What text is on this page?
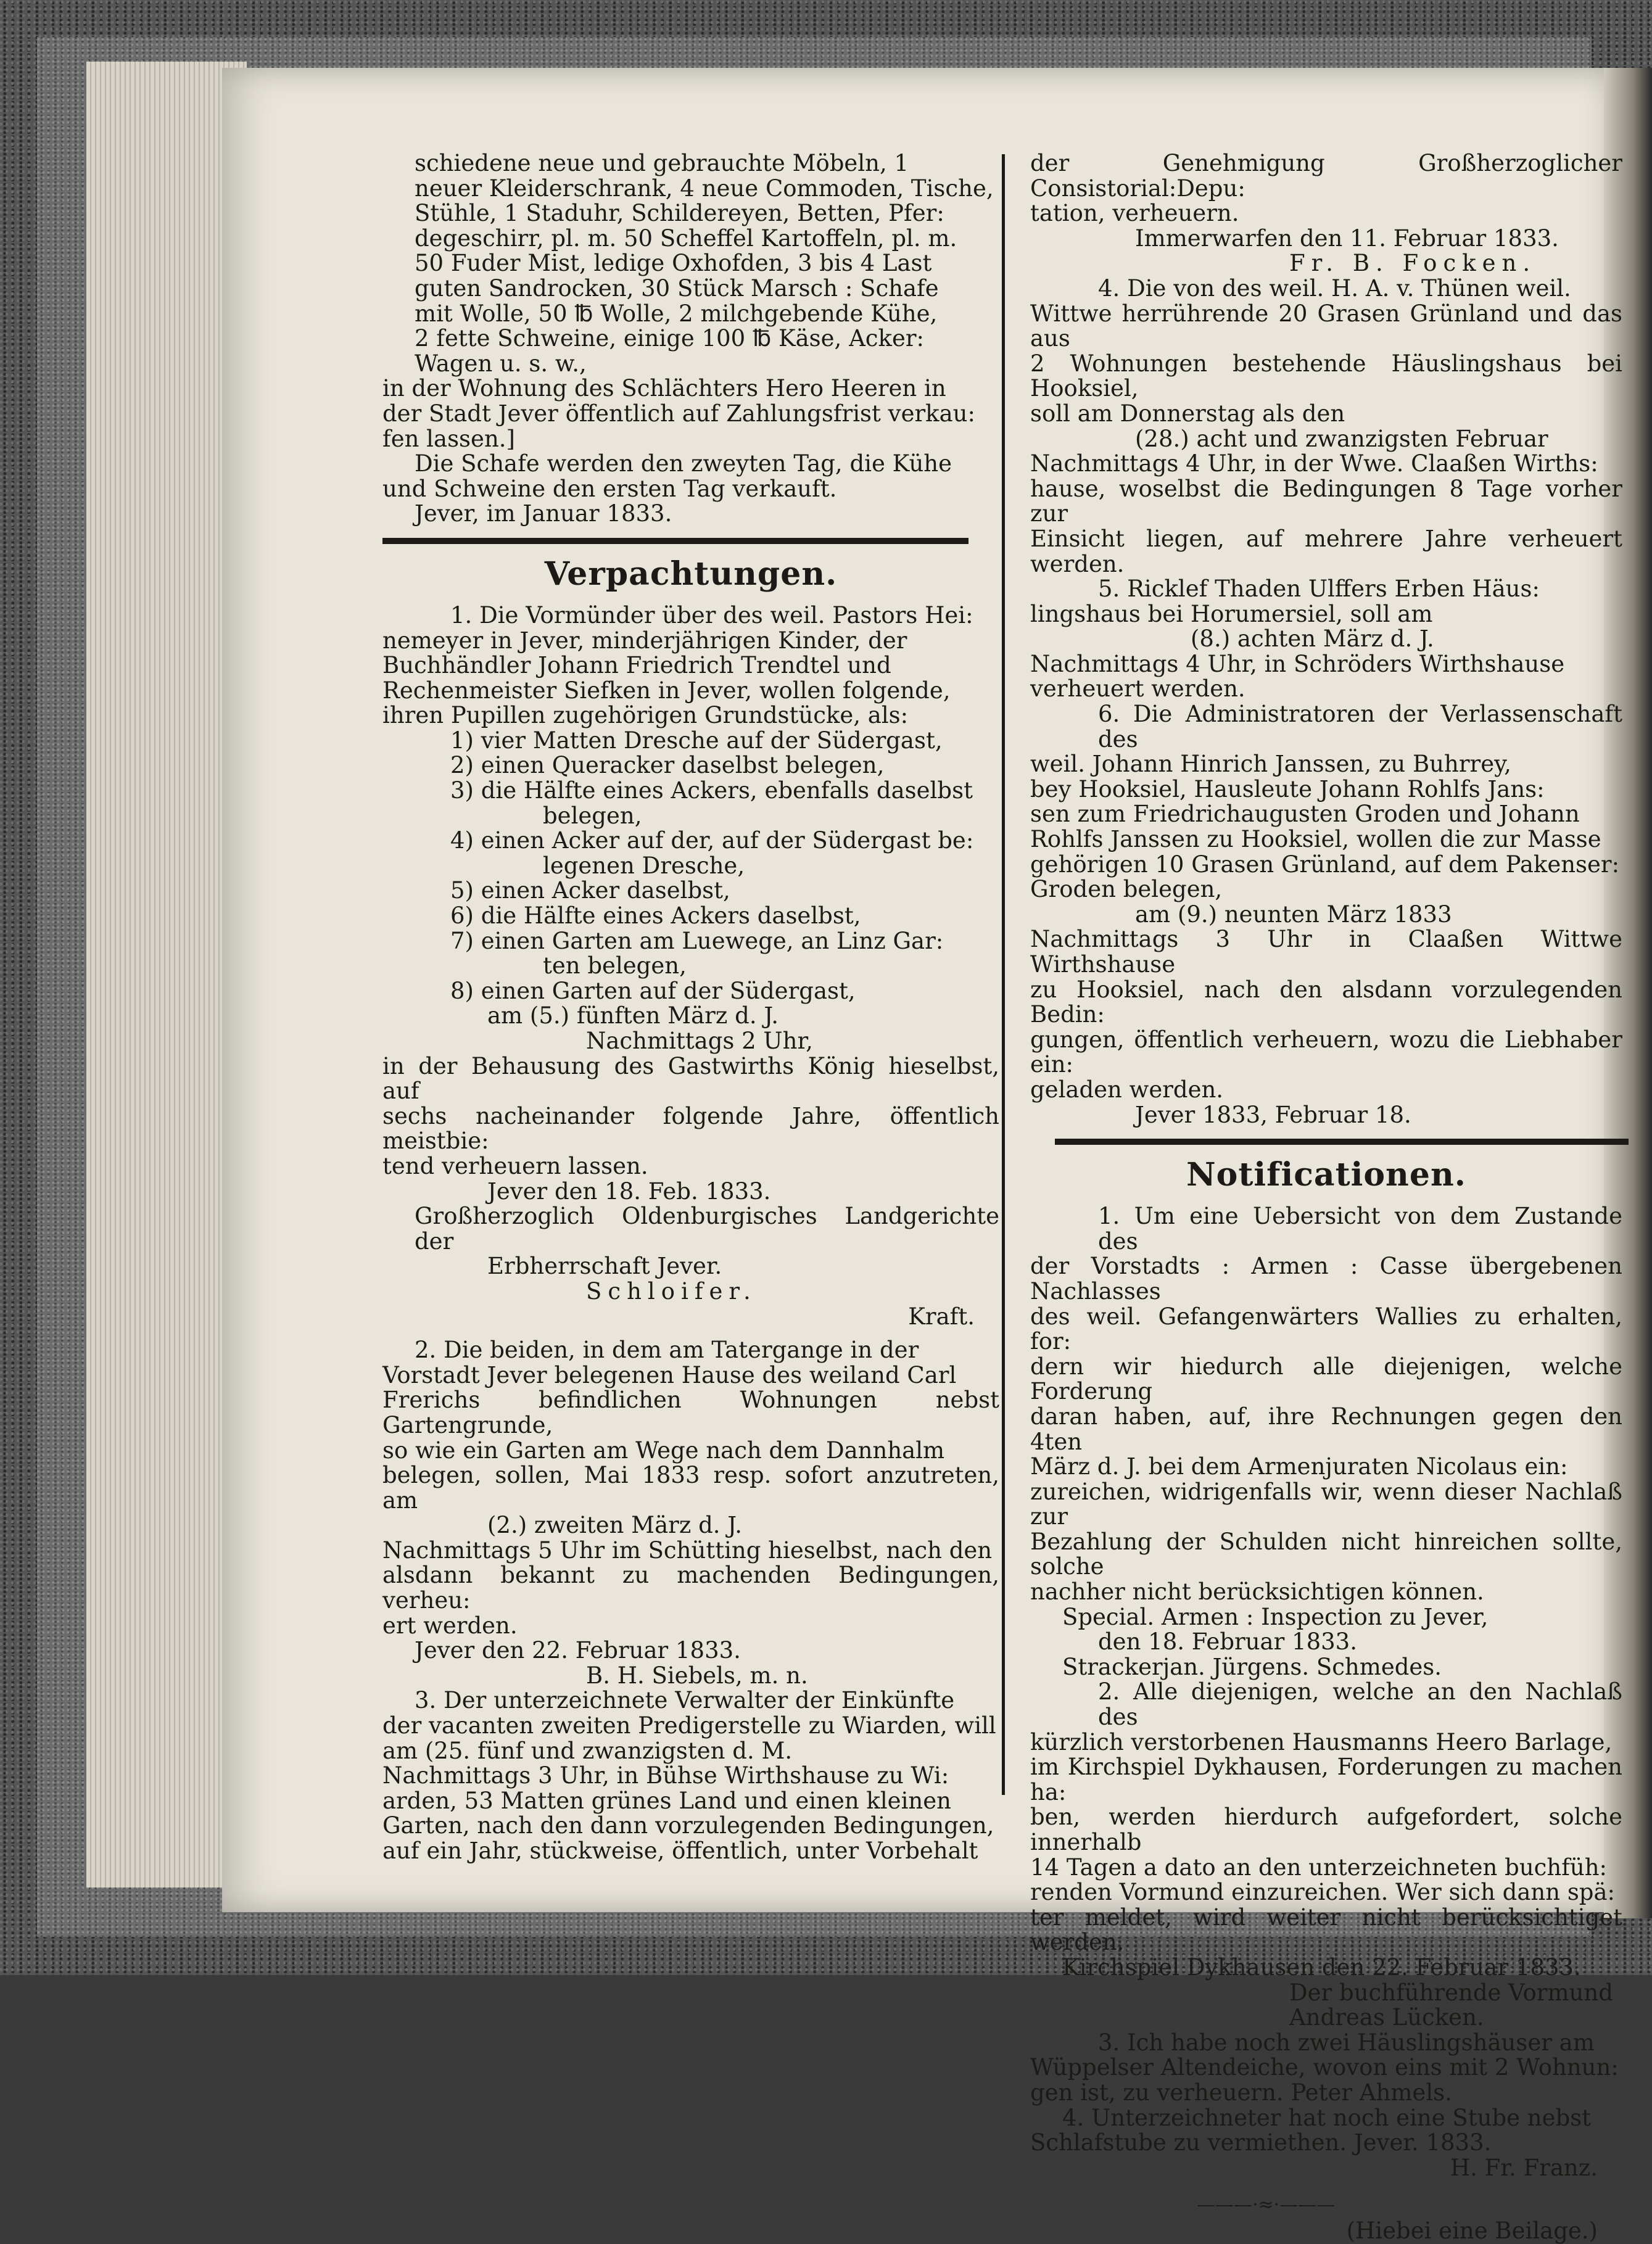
schiedene neue und gebrauchte Möbeln, 1

neuer Kleiderschrank, 4 neue Commoden, Tische,

Stühle, 1 Staduhr, Schildereyen, Betten, Pfer:

degeschirr, pl. m. 50 Scheffel Kartoffeln, pl. m.

50 Fuder Mist, ledige Oxhofden, 3 bis 4 Last

guten Sandrocken, 30 Stück Marsch : Schafe

mit Wolle, 50 ℔ Wolle, 2 milchgebende Kühe,

2 fette Schweine, einige 100 ℔ Käse, Acker:

Wagen u. s. w.,

in der Wohnung des Schlächters Hero Heeren in

der Stadt Jever öffentlich auf Zahlungsfrist verkau:

fen lassen.]

Die Schafe werden den zweyten Tag, die Kühe

und Schweine den ersten Tag verkauft.

Jever, im Januar 1833.

Verpachtungen.

1. Die Vormünder über des weil. Pastors Hei:

nemeyer in Jever, minderjährigen Kinder, der

Buchhändler Johann Friedrich Trendtel und

Rechenmeister Siefken in Jever, wollen folgende,

ihren Pupillen zugehörigen Grundstücke, als:

1) vier Matten Dresche auf der Südergast,

2) einen Queracker daselbst belegen,

3) die Hälfte eines Ackers, ebenfalls daselbst

belegen,

4) einen Acker auf der, auf der Südergast be:

legenen Dresche,

5) einen Acker daselbst,

6) die Hälfte eines Ackers daselbst,

7) einen Garten am Luewege, an Linz Gar:

ten belegen,

8) einen Garten auf der Südergast,

am (5.) fünften März d. J.

Nachmittags 2 Uhr,

in der Behausung des Gastwirths König hieselbst, auf

sechs nacheinander folgende Jahre, öffentlich meistbie:

tend verheuern lassen.

Jever den 18. Feb. 1833.

Großherzoglich Oldenburgisches Landgerichte der

Erbherrschaft Jever.

Schloifer.

Kraft.

2. Die beiden, in dem am Tatergange in der

Vorstadt Jever belegenen Hause des weiland Carl

Frerichs befindlichen Wohnungen nebst Gartengrunde,

so wie ein Garten am Wege nach dem Dannhalm

belegen, sollen, Mai 1833 resp. sofort anzutreten, am

(2.) zweiten März d. J.

Nachmittags 5 Uhr im Schütting hieselbst, nach den

alsdann bekannt zu machenden Bedingungen, verheu:

ert werden.

Jever den 22. Februar 1833.

B. H. Siebels, m. n.

3. Der unterzeichnete Verwalter der Einkünfte

der vacanten zweiten Predigerstelle zu Wiarden, will

am (25. fünf und zwanzigsten d. M.

Nachmittags 3 Uhr, in Bühse Wirthshause zu Wi:

arden, 53 Matten grünes Land und einen kleinen

Garten, nach den dann vorzulegenden Bedingungen,

auf ein Jahr, stückweise, öffentlich, unter Vorbehalt

der Genehmigung Großherzoglicher Consistorial:Depu:

tation, verheuern.

Immerwarfen den 11. Februar 1833.

Fr. B. Focken.

4. Die von des weil. H. A. v. Thünen weil.

Wittwe herrührende 20 Grasen Grünland und das aus

2 Wohnungen bestehende Häuslingshaus bei Hooksiel,

soll am Donnerstag als den

(28.) acht und zwanzigsten Februar

Nachmittags 4 Uhr, in der Wwe. Claaßen Wirths:

hause, woselbst die Bedingungen 8 Tage vorher zur

Einsicht liegen, auf mehrere Jahre verheuert werden.

5. Ricklef Thaden Ulffers Erben Häus:

lingshaus bei Horumersiel, soll am

(8.) achten März d. J.

Nachmittags 4 Uhr, in Schröders Wirthshause

verheuert werden.

6. Die Administratoren der Verlassenschaft des

weil. Johann Hinrich Janssen, zu Buhrrey,

bey Hooksiel, Hausleute Johann Rohlfs Jans:

sen zum Friedrichaugusten Groden und Johann

Rohlfs Janssen zu Hooksiel, wollen die zur Masse

gehörigen 10 Grasen Grünland, auf dem Pakenser:

Groden belegen,

am (9.) neunten März 1833

Nachmittags 3 Uhr in Claaßen Wittwe Wirthshause

zu Hooksiel, nach den alsdann vorzulegenden Bedin:

gungen, öffentlich verheuern, wozu die Liebhaber ein:

geladen werden.

Jever 1833, Februar 18.

Notificationen.

1. Um eine Uebersicht von dem Zustande des

der Vorstadts : Armen : Casse übergebenen Nachlasses

des weil. Gefangenwärters Wallies zu erhalten, for:

dern wir hiedurch alle diejenigen, welche Forderung

daran haben, auf, ihre Rechnungen gegen den 4ten

März d. J. bei dem Armenjuraten Nicolaus ein:

zureichen, widrigenfalls wir, wenn dieser Nachlaß zur

Bezahlung der Schulden nicht hinreichen sollte, solche

nachher nicht berücksichtigen können.

Special. Armen : Inspection zu Jever,

den 18. Februar 1833.

Strackerjan. Jürgens. Schmedes.

2. Alle diejenigen, welche an den Nachlaß des

kürzlich verstorbenen Hausmanns Heero Barlage,

im Kirchspiel Dykhausen, Forderungen zu machen ha:

ben, werden hierdurch aufgefordert, solche innerhalb

14 Tagen a dato an den unterzeichneten buchfüh:

renden Vormund einzureichen. Wer sich dann spä:

ter meldet, wird weiter nicht berücksichtiget werden.

Kirchspiel Dykhausen den 22. Februar 1833.

Der buchführende Vormund

Andreas Lücken.

3. Ich habe noch zwei Häuslingshäuser am

Wüppelser Altendeiche, wovon eins mit 2 Wohnun:

gen ist, zu verheuern. Peter Ahmels.

4. Unterzeichneter hat noch eine Stube nebst

Schlafstube zu vermiethen. Jever. 1833.

H. Fr. Franz.

———·≈·———

(Hiebei eine Beilage.)
